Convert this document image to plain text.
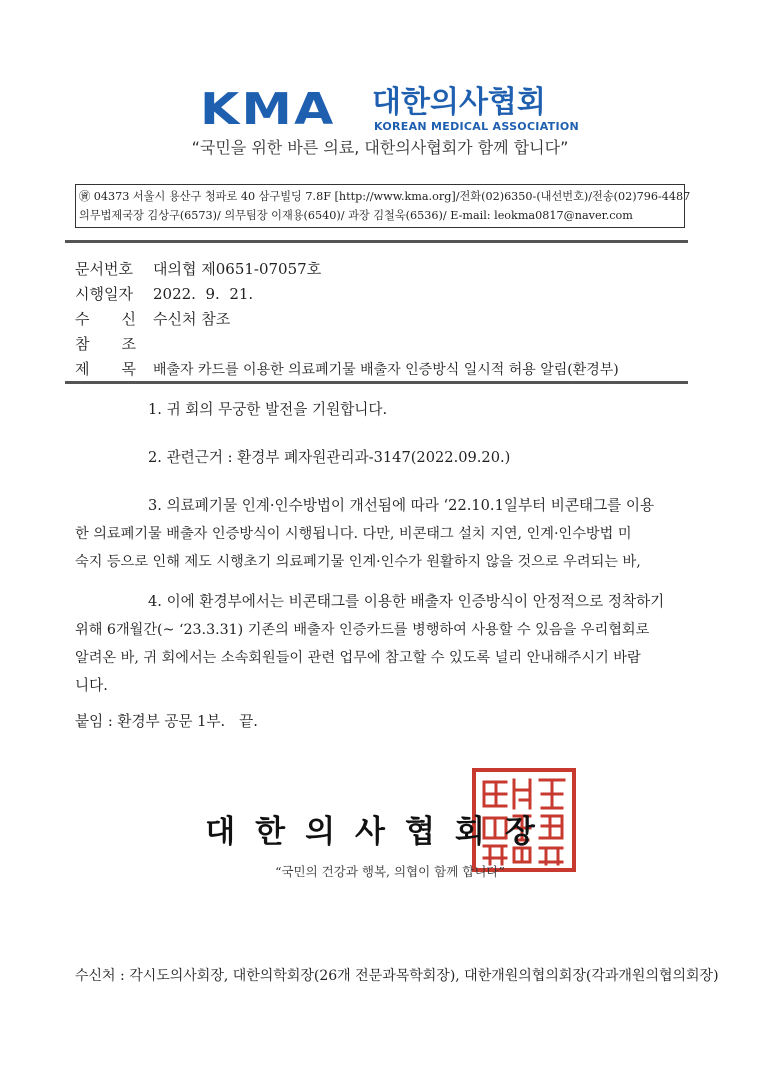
KMA 대한의사협회
KOREAN MEDICAL ASSOCIATION
“국민을 위한 바른 의료, 대한의사협회가 함께 합니다”
㊮ 04373 서울시 용산구 청파로 40 삼구빌딩 7.8F [http://www.kma.org]/전화(02)6350-(내선번호)/전송(02)796-4487
의무법제국장 김상구(6573)/ 의무팀장 이재용(6540)/ 과장 김철욱(6536)/ E-mail: leokma0817@naver.com
문서번호 대의협 제0651-07057호
시행일자 2022.  9.  21.
수 신 수신처 참조
참 조
제 목 배출자 카드를 이용한 의료폐기물 배출자 인증방식 일시적 허용 알림(환경부)
1. 귀 회의 무궁한 발전을 기원합니다.
2. 관련근거 : 환경부 폐자원관리과-3147(2022.09.20.)
3. 의료폐기물 인계·인수방법이 개선됨에 따라 ‘22.10.1일부터 비콘태그를 이용
한 의료폐기물 배출자 인증방식이 시행됩니다. 다만, 비콘태그 설치 지연, 인계·인수방법 미
숙지 등으로 인해 제도 시행초기 의료폐기물 인계·인수가 원활하지 않을 것으로 우려되는 바,
4. 이에 환경부에서는 비콘태그를 이용한 배출자 인증방식이 안정적으로 정착하기
위해 6개월간(~ ‘23.3.31) 기존의 배출자 인증카드를 병행하여 사용할 수 있음을 우리협회로
알려온 바, 귀 회에서는 소속회원들이 관련 업무에 참고할 수 있도록 널리 안내해주시기 바람
니다.
붙임 : 환경부 공문 1부.   끝.
대한의사협회장
“국민의 건강과 행복, 의협이 함께 합니다”
수신처 : 각시도의사회장, 대한의학회장(26개 전문과목학회장), 대한개원의협의회장(각과개원의협의회장)
